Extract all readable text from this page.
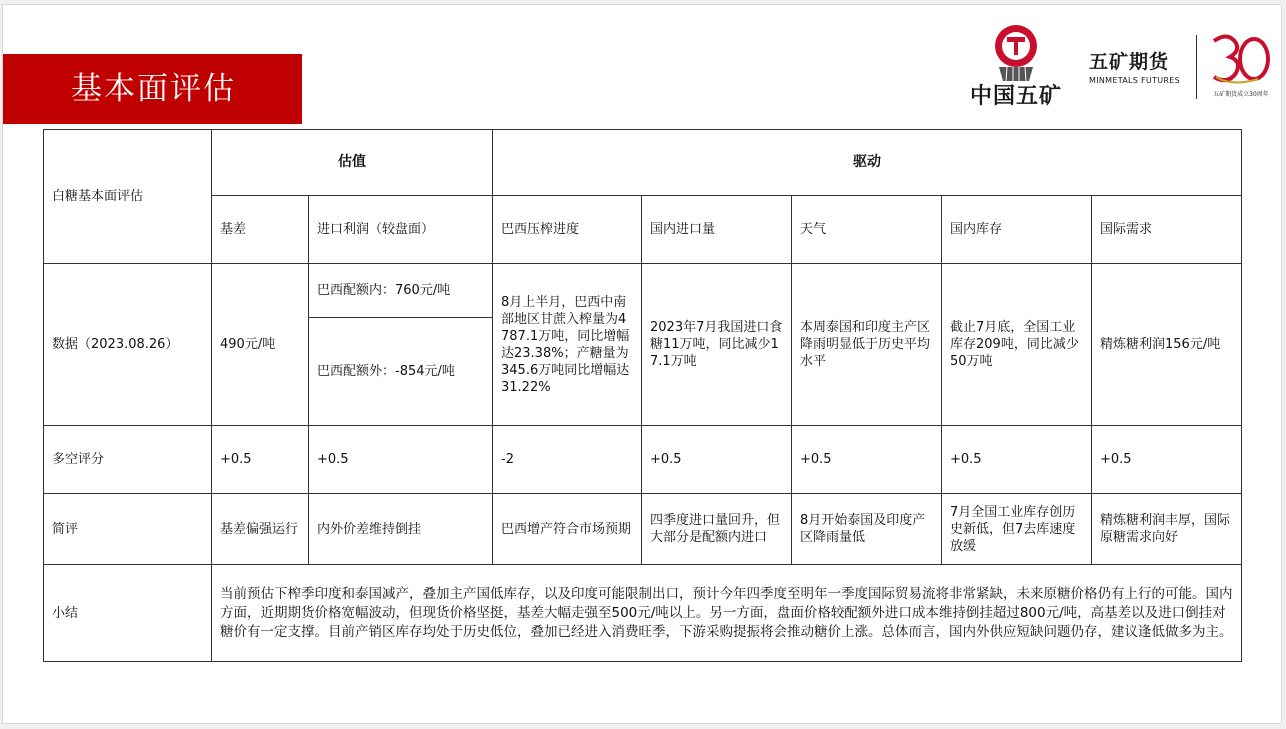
基本面评估	中国五矿
五矿期货
MINMETALS FUTURES
五矿期货成立30周年
白糖基本面评估	估值		驱动				
	基差	进口利润（较盘面）	巴西压榨进度	国内进口量	天气	国内库存	国际需求
数据（2023.08.26）	490元/吨	巴西配额内：760元/吨	8月上半月，巴西中南部地区甘蔗入榨量为4787.1万吨，同比增幅达23.38%；产糖量为345.6万吨同比增幅达31.22%	2023年7月我国进口食糖11万吨，同比减少17.1万吨	本周泰国和印度主产区降雨明显低于历史平均水平	截止7月底，全国工业库存209吨，同比减少50万吨	精炼糖利润156元/吨
		巴西配额外：-854元/吨					
多空评分	+0.5	+0.5	-2	+0.5	+0.5	+0.5	+0.5
简评	基差偏强运行	内外价差维持倒挂	巴西增产符合市场预期	四季度进口量回升，但大部分是配额内进口	8月开始泰国及印度产区降雨量低	7月全国工业库存创历史新低，但7去库速度放缓	精炼糖利润丰厚，国际原糖需求向好
小结	当前预估下榨季印度和泰国减产，叠加主产国低库存，以及印度可能限制出口，预计今年四季度至明年一季度国际贸易流将非常紧缺，未来原糖价格仍有上行的可能。国内方面，近期期货价格宽幅波动，但现货价格坚挺，基差大幅走强至500元/吨以上。另一方面，盘面价格较配额外进口成本维持倒挂超过800元/吨，高基差以及进口倒挂对糖价有一定支撑。目前产销区库存均处于历史低位，叠加已经进入消费旺季，下游采购提振将会推动糖价上涨。总体而言，国内外供应短缺问题仍存，建议逢低做多为主。						
